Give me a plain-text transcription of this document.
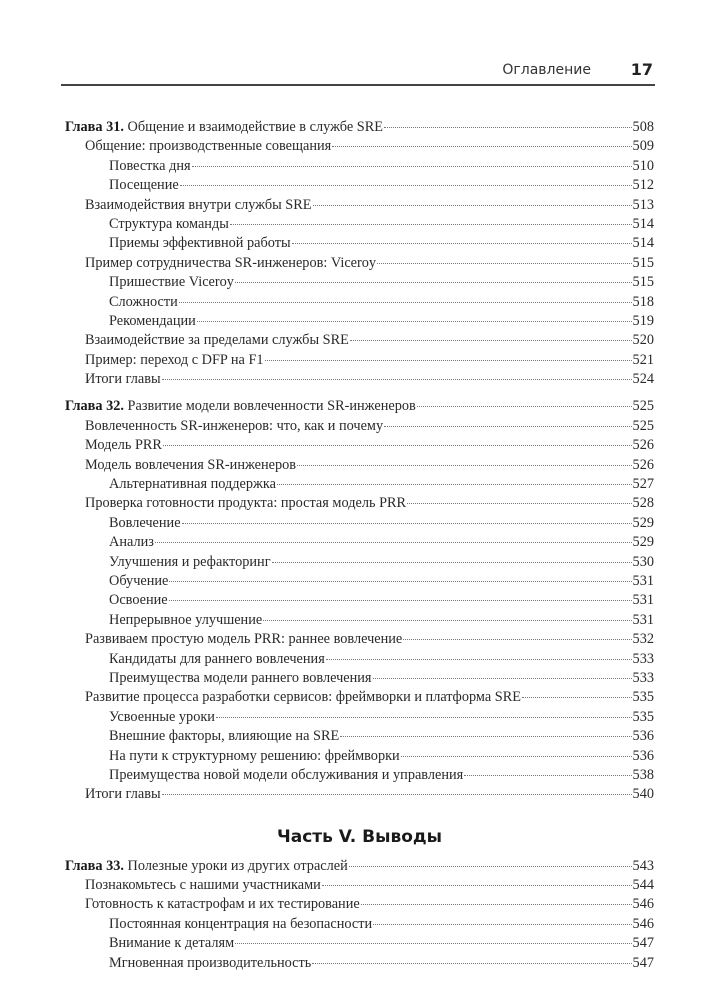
Оглавление 17
Глава 31. Общение и взаимодействие в службе SRE	508
Общение: производственные совещания	509
Повестка дня	510
Посещение	512
Взаимодействия внутри службы SRE	513
Структура команды	514
Приемы эффективной работы	514
Пример сотрудничества SR-инженеров: Viceroy	515
Пришествие Viceroy	515
Сложности	518
Рекомендации	519
Взаимодействие за пределами службы SRE	520
Пример: переход с DFP на F1	521
Итоги главы	524
Глава 32. Развитие модели вовлеченности SR-инженеров	525
Вовлеченность SR-инженеров: что, как и почему	525
Модель PRR	526
Модель вовлечения SR-инженеров	526
Альтернативная поддержка	527
Проверка готовности продукта: простая модель PRR	528
Вовлечение	529
Анализ	529
Улучшения и рефакторинг	530
Обучение	531
Освоение	531
Непрерывное улучшение	531
Развиваем простую модель PRR: раннее вовлечение	532
Кандидаты для раннего вовлечения	533
Преимущества модели раннего вовлечения	533
Развитие процесса разработки сервисов: фреймворки и платформа SRE	535
Усвоенные уроки	535
Внешние факторы, влияющие на SRE	536
На пути к структурному решению: фреймворки	536
Преимущества новой модели обслуживания и управления	538
Итоги главы	540
Часть V. Выводы
Глава 33. Полезные уроки из других отраслей	543
Познакомьтесь с нашими участниками	544
Готовность к катастрофам и их тестирование	546
Постоянная концентрация на безопасности	546
Внимание к деталям	547
Мгновенная производительность	547
